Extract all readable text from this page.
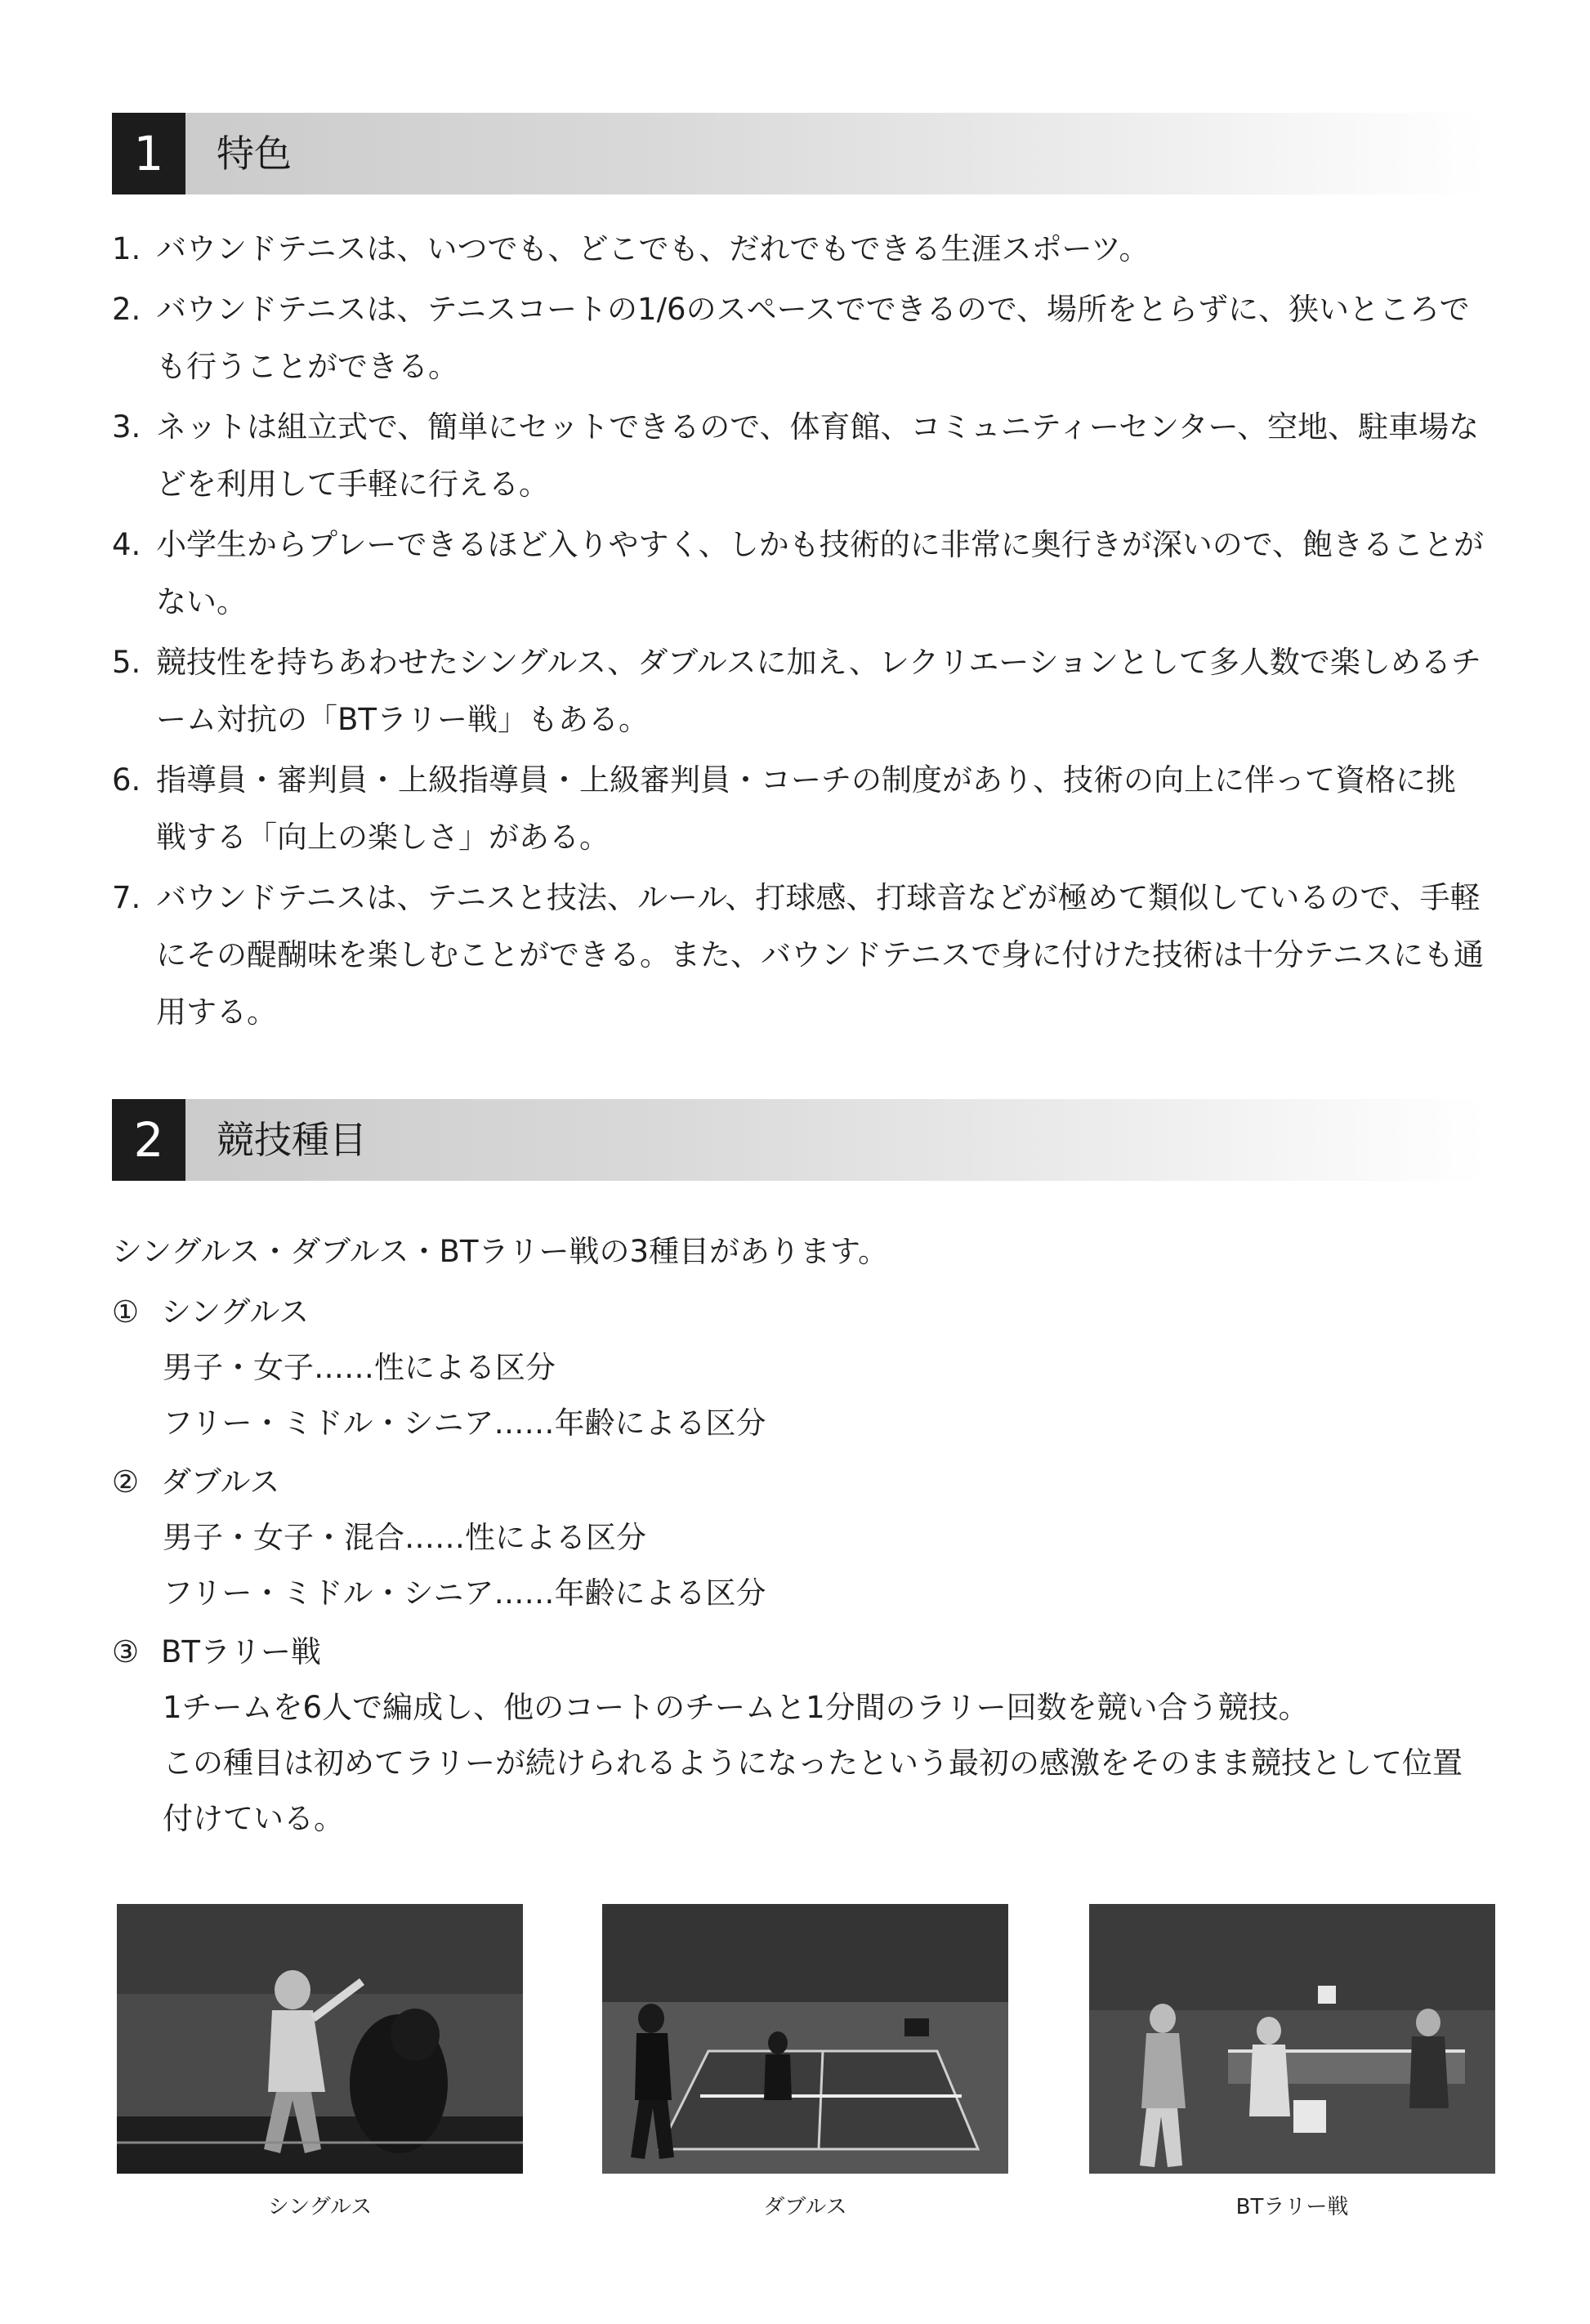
1	特色
1. バウンドテニスは、いつでも、どこでも、だれでもできる生涯スポーツ。
2. バウンドテニスは、テニスコートの1/6のスペースでできるので、場所をとらずに、狭いところでも行うことができる。
3. ネットは組立式で、簡単にセットできるので、体育館、コミュニティーセンター、空地、駐車場などを利用して手軽に行える。
4. 小学生からプレーできるほど入りやすく、しかも技術的に非常に奥行きが深いので、飽きることがない。
5. 競技性を持ちあわせたシングルス、ダブルスに加え、レクリエーションとして多人数で楽しめるチーム対抗の「BTラリー戦」もある。
6. 指導員・審判員・上級指導員・上級審判員・コーチの制度があり、技術の向上に伴って資格に挑戦する「向上の楽しさ」がある。
7. バウンドテニスは、テニスと技法、ルール、打球感、打球音などが極めて類似しているので、手軽にその醍醐味を楽しむことができる。また、バウンドテニスで身に付けた技術は十分テニスにも通用する。
2	競技種目
シングルス・ダブルス・BTラリー戦の3種目があります。
① シングルス
男子・女子……性による区分
フリー・ミドル・シニア……年齢による区分
② ダブルス
男子・女子・混合……性による区分
フリー・ミドル・シニア……年齢による区分
③ BTラリー戦
1チームを6人で編成し、他のコートのチームと1分間のラリー回数を競い合う競技。
この種目は初めてラリーが続けられるようになったという最初の感激をそのまま競技として位置付けている。
シングルス	ダブルス	BTラリー戦
